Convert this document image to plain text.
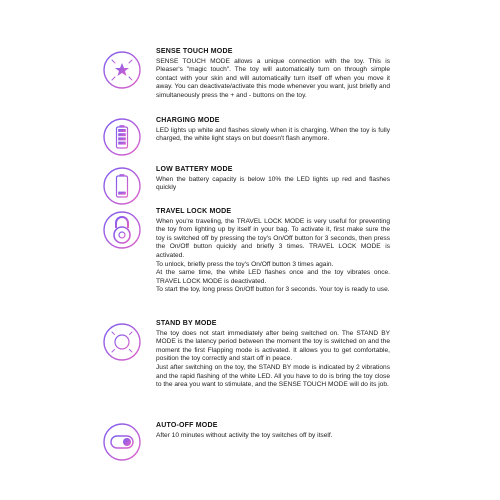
SENSE TOUCH MODE

SENSE TOUCH MODE allows a unique connection with the toy. This is Pleaser's "magic touch". The toy will automatically turn on through simple contact with your skin and will automatically turn itself off when you move it away. You can deactivate/activate this mode whenever you want, just briefly and simultaneously press the + and - buttons on the toy.

CHARGING MODE

LED lights up white and flashes slowly when it is charging. When the toy is fully charged, the white light stays on but doesn't flash anymore.

LOW BATTERY MODE

When the battery capacity is below 10% the LED lights up red and flashes quickly

TRAVEL LOCK MODE

When you're traveling, the TRAVEL LOCK MODE is very useful for preventing the toy from lighting up by itself in your bag. To activate it, first make sure the toy is switched off by pressing the toy's On/Off button for 3 seconds, then press the On/Off button quickly and briefly 3 times. TRAVEL LOCK MODE is activated.

To unlock, briefly press the toy's On/Off button 3 times again.

At the same time, the white LED flashes once and the toy vibrates once. TRAVEL LOCK MODE is deactivated.

To start the toy, long press On/Off button for 3 seconds. Your toy is ready to use.

STAND BY MODE

The toy does not start immediately after being switched on. The STAND BY MODE is the latency period between the moment the toy is switched on and the moment the first Flapping mode is activated. It allows you to get comfortable, position the toy correctly and start off in peace.

Just after switching on the toy, the STAND BY mode is indicated by 2 vibrations and the rapid flashing of the white LED. All you have to do is bring the toy close to the area you want to stimulate, and the SENSE TOUCH MODE will do its job.

AUTO-OFF MODE

After 10 minutes without activity the toy switches off by itself.
